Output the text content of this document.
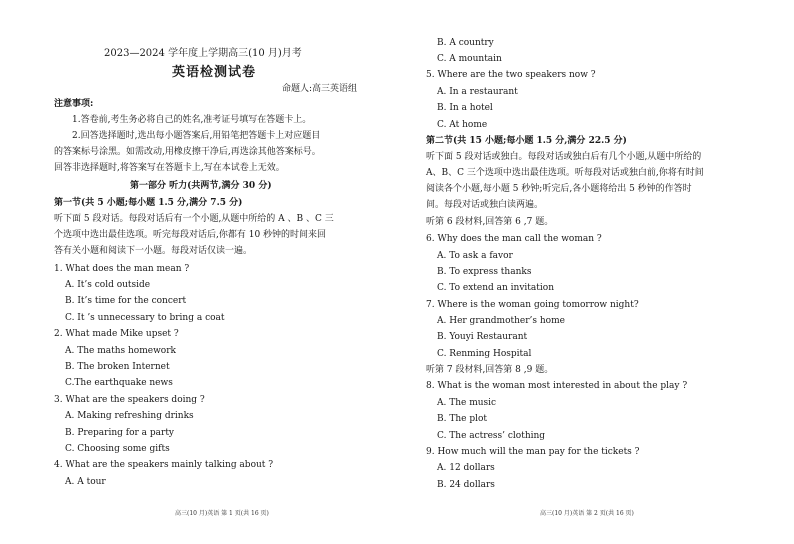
2023—2024 学年度上学期高三(10 月)月考
英语检测试卷
命题人:高三英语组
注意事项:
1.答卷前,考生务必将自己的姓名,准考证号填写在答题卡上。
2.回答选择题时,选出每小题答案后,用铅笔把答题卡上对应题目
的答案标号涂黑。如需改动,用橡皮擦干净后,再选涂其他答案标号。
回答非选择题时,将答案写在答题卡上,写在本试卷上无效。
第一部分 听力(共两节,满分 30 分)
第一节(共 5 小题;每小题 1.5 分,满分 7.5 分)
听下面 5 段对话。每段对话后有一个小题,从题中所给的 A 、B 、C 三
个选项中选出最佳选项。听完每段对话后,你都有 10 秒钟的时间来回
答有关小题和阅读下一小题。每段对话仅读一遍。
1. What does the man mean ?
A. It’s cold outside
B. It’s time for the concert
C. It ’s unnecessary to bring a coat
2. What made Mike upset ?
A. The maths homework
B. The broken Internet
C.The earthquake news
3. What are the speakers doing ?
A. Making refreshing drinks
B. Preparing for a party
C. Choosing some gifts
4. What are the speakers mainly talking about ?
A. A tour
高三(10 月)英语 第 1 页(共 16 页)
B. A country
C. A mountain
5. Where are the two speakers now ?
A. In a restaurant
B. In a hotel
C. At home
第二节(共 15 小题;每小题 1.5 分,满分 22.5 分)
听下面 5 段对话或独白。每段对话或独白后有几个小题,从题中所给的
A、B、C 三个选项中选出最佳选项。听每段对话或独白前,你将有时间
阅读各个小题,每小题 5 秒钟;听完后,各小题将给出 5 秒钟的作答时
间。每段对话或独白读两遍。
听第 6 段材料,回答第 6 ,7 题。
6. Why does the man call the woman ?
A. To ask a favor
B. To express thanks
C. To extend an invitation
7. Where is the woman going tomorrow night?
A. Her grandmother’s home
B. Youyi Restaurant
C. Renming Hospital
听第 7 段材料,回答第 8 ,9 题。
8. What is the woman most interested in about the play ?
A. The music
B. The plot
C. The actress’ clothing
9. How much will the man pay for the tickets ?
A. 12 dollars
B. 24 dollars
高三(10 月)英语 第 2 页(共 16 页)
